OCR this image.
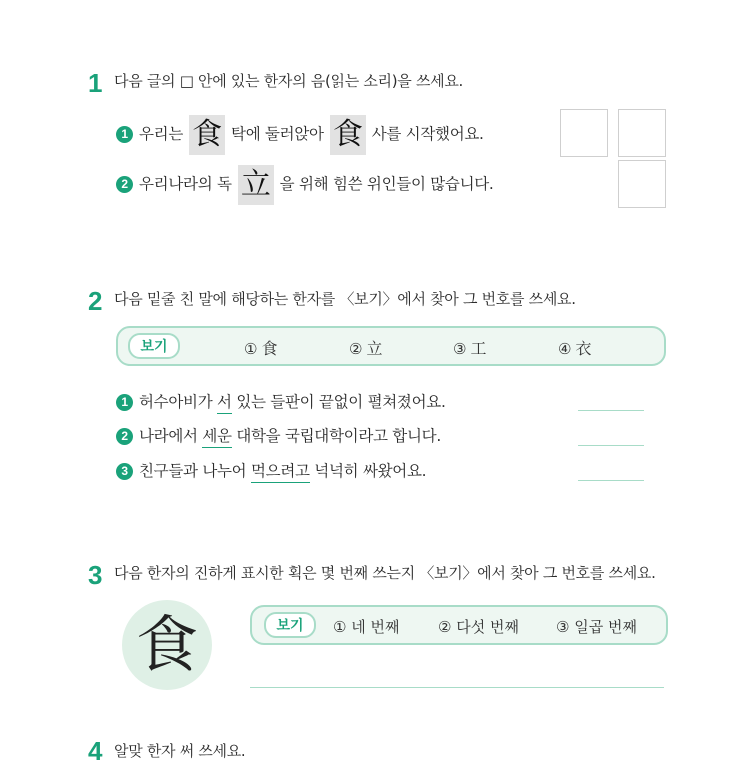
1 다음 글의 □ 안에 있는 한자의 음(읽는 소리)을 쓰세요.
1 우리는 食 탁에 둘러앉아 食 사를 시작했어요.
2 우리나라의 독 立 을 위해 힘쓴 위인들이 많습니다.
2 다음 밑줄 친 말에 해당하는 한자를 〈보기〉에서 찾아 그 번호를 쓰세요.
보기	① 食	② 立	③ 工	④ 衣
1 허수아비가 서 있는 들판이 끝없이 펼쳐졌어요.
2 나라에서 세운 대학을 국립대학이라고 합니다.
3 친구들과 나누어 먹으려고 넉넉히 싸왔어요.
3 다음 한자의 진하게 표시한 획은 몇 번째 쓰는지 〈보기〉에서 찾아 그 번호를 쓰세요.
食	보기	① 네 번째	② 다섯 번째 ③ 일곱 번째
4 알맞 한자 써 쓰세요.
